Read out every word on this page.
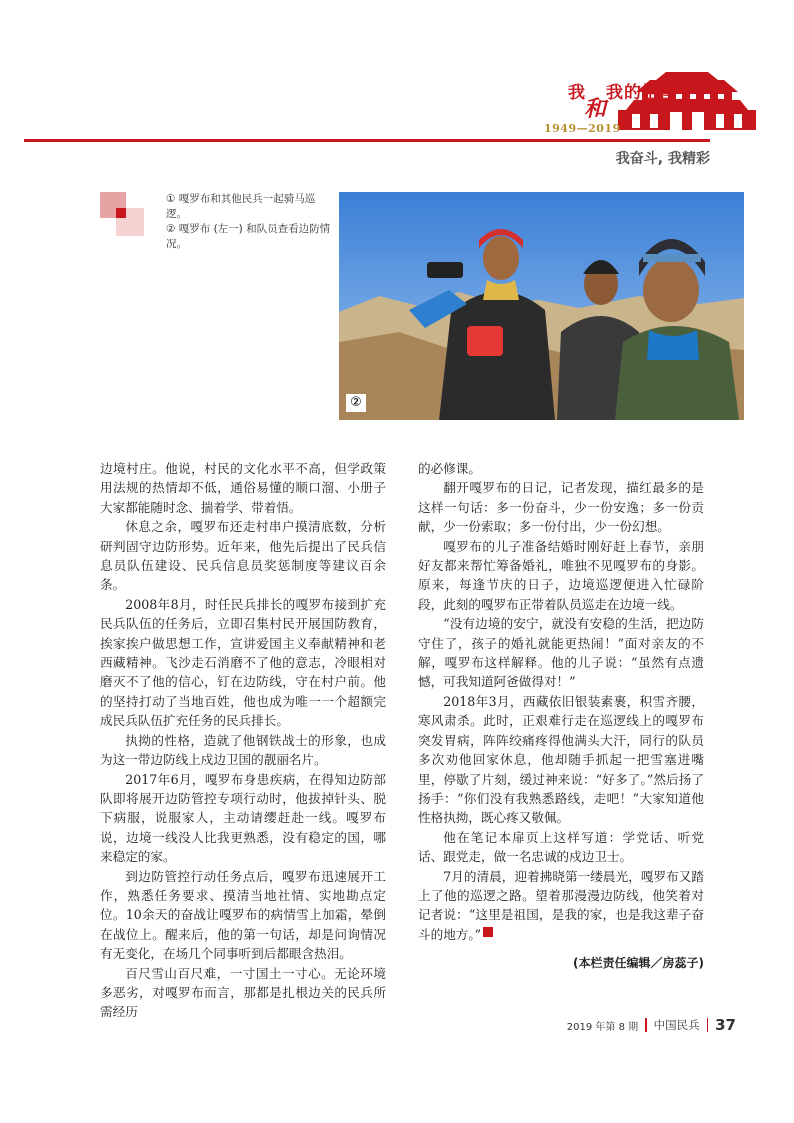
我
和
我的祖国
1949—2019
我奋斗, 我精彩

① 嘎罗布和其他民兵一起骑马巡逻。

② 嘎罗布 (左一) 和队员查看边防情况。

②

边境村庄。他说，村民的文化水平不高，但学政策用法规的热情却不低，通俗易懂的顺口溜、小册子大家都能随时念、揣着学、带着悟。

休息之余，嘎罗布还走村串户摸清底数，分析研判固守边防形势。近年来，他先后提出了民兵信息员队伍建设、民兵信息员奖惩制度等建议百余条。

2008年8月，时任民兵排长的嘎罗布接到扩充民兵队伍的任务后，立即召集村民开展国防教育，挨家挨户做思想工作，宣讲爱国主义奉献精神和老西藏精神。飞沙走石消磨不了他的意志，冷眼相对磨灭不了他的信心，钉在边防线，守在村户前。他的坚持打动了当地百姓，他也成为唯一一个超额完成民兵队伍扩充任务的民兵排长。

执拗的性格，造就了他钢铁战士的形象，也成为这一带边防线上戍边卫国的靓丽名片。

2017年6月，嘎罗布身患疾病，在得知边防部队即将展开边防管控专项行动时，他拔掉针头、脱下病服，说服家人，主动请缨赶赴一线。嘎罗布说，边境一线没人比我更熟悉，没有稳定的国，哪来稳定的家。

到边防管控行动任务点后，嘎罗布迅速展开工作，熟悉任务要求、摸清当地社情、实地勘点定位。10余天的奋战让嘎罗布的病情雪上加霜，晕倒在战位上。醒来后，他的第一句话，却是问询情况有无变化，在场几个同事听到后都眼含热泪。

百尺雪山百尺难，一寸国土一寸心。无论环境多恶劣，对嘎罗布而言，那都是扎根边关的民兵所需经历

的必修课。

翻开嘎罗布的日记，记者发现，描红最多的是这样一句话：多一份奋斗，少一份安逸；多一份贡献，少一份索取；多一份付出，少一份幻想。

嘎罗布的儿子准备结婚时刚好赶上春节，亲朋好友都来帮忙筹备婚礼，唯独不见嘎罗布的身影。原来，每逢节庆的日子，边境巡逻便进入忙碌阶段，此刻的嘎罗布正带着队员巡走在边境一线。

“没有边境的安宁，就没有安稳的生活，把边防守住了，孩子的婚礼就能更热闹！”面对亲友的不解，嘎罗布这样解释。他的儿子说：“虽然有点遗憾，可我知道阿爸做得对！”

2018年3月，西藏依旧银装素裹，积雪齐腰，寒风肃杀。此时，正艰难行走在巡逻线上的嘎罗布突发胃病，阵阵绞痛疼得他满头大汗，同行的队员多次劝他回家休息，他却随手抓起一把雪塞进嘴里，停歇了片刻，缓过神来说：“好多了。”然后扬了扬手：“你们没有我熟悉路线，走吧！”大家知道他性格执拗，既心疼又敬佩。

他在笔记本扉页上这样写道：学党话、听党话、跟党走，做一名忠诚的戍边卫士。

7月的清晨，迎着拂晓第一缕晨光，嘎罗布又踏上了他的巡逻之路。望着那漫漫边防线，他笑着对记者说：“这里是祖国，是我的家，也是我这辈子奋斗的地方。”	■

(本栏责任编辑／房蕊子)
2019 年第 8 期 中国民兵 37
